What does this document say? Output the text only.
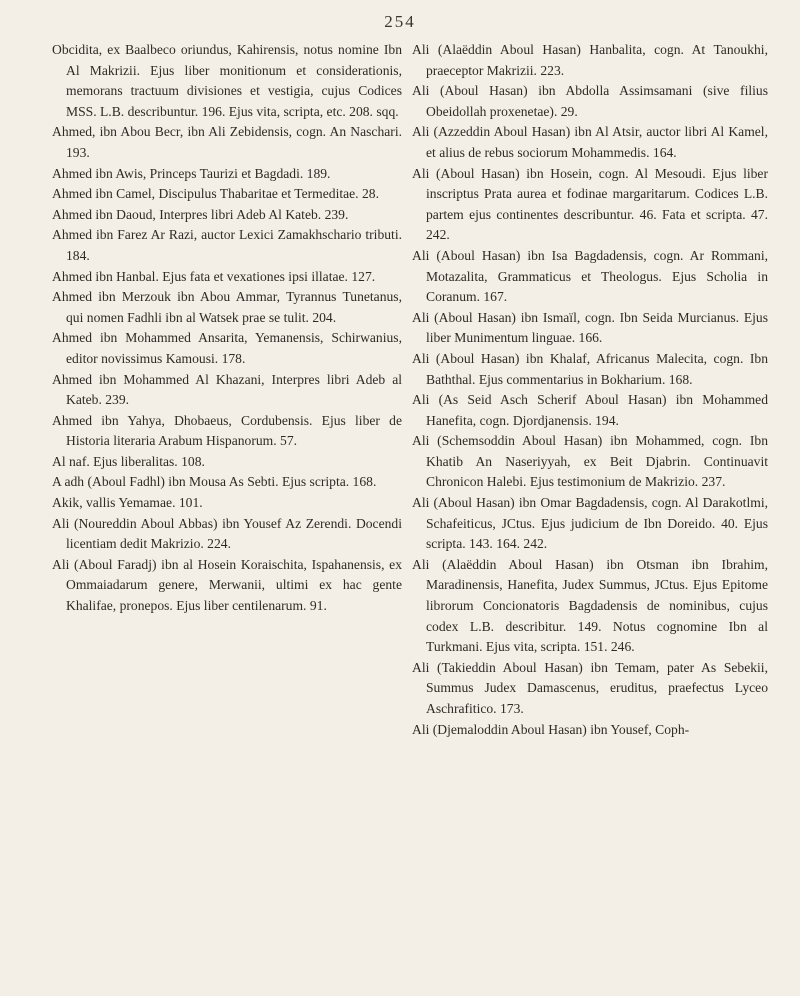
254

Obcidita, ex Baalbeco oriundus, Kahirensis, notus nomine Ibn Al Makrizii. Ejus liber monitionum et considerationis, memorans tractuum divisiones et vestigia, cujus Codices MSS. L.B. describuntur. 196. Ejus vita, scripta, etc. 208. sqq.

Ahmed, ibn Abou Becr, ibn Ali Zebidensis, cogn. An Naschari. 193.

Ahmed ibn Awis, Princeps Taurizi et Bagdadi. 189.

Ahmed ibn Camel, Discipulus Thabaritae et Termeditae. 28.

Ahmed ibn Daoud, Interpres libri Adeb Al Kateb. 239.

Ahmed ibn Farez Ar Razi, auctor Lexici Zamakhschario tributi. 184.

Ahmed ibn Hanbal. Ejus fata et vexationes ipsi illatae. 127.

Ahmed ibn Merzouk ibn Abou Ammar, Tyrannus Tunetanus, qui nomen Fadhli ibn al Watsek prae se tulit. 204.

Ahmed ibn Mohammed Ansarita, Yemanensis, Schirwanius, editor novissimus Kamousi. 178.

Ahmed ibn Mohammed Al Khazani, Interpres libri Adeb al Kateb. 239.

Ahmed ibn Yahya, Dhobaeus, Cordubensis. Ejus liber de Historia literaria Arabum Hispanorum. 57.

Al naf. Ejus liberalitas. 108.

A adh (Aboul Fadhl) ibn Mousa As Sebti. Ejus scripta. 168.

Akik, vallis Yemamae. 101.

Ali (Noureddin Aboul Abbas) ibn Yousef Az Zerendi. Docendi licentiam dedit Makrizio. 224.

Ali (Aboul Faradj) ibn al Hosein Koraischita, Ispahanensis, ex Ommaiadarum genere, Merwanii, ultimi ex hac gente Khalifae, pronepos. Ejus liber centilenarum. 91.

Ali (Alaëddin Aboul Hasan) Hanbalita, cogn. At Tanoukhi, praeceptor Makrizii. 223.

Ali (Aboul Hasan) ibn Abdolla Assimsamani (sive filius Obeidollah proxenetae). 29.

Ali (Azzeddin Aboul Hasan) ibn Al Atsir, auctor libri Al Kamel, et alius de rebus sociorum Mohammedis. 164.

Ali (Aboul Hasan) ibn Hosein, cogn. Al Mesoudi. Ejus liber inscriptus Prata aurea et fodinae margaritarum. Codices L.B. partem ejus continentes describuntur. 46. Fata et scripta. 47. 242.

Ali (Aboul Hasan) ibn Isa Bagdadensis, cogn. Ar Rommani, Motazalita, Grammaticus et Theologus. Ejus Scholia in Coranum. 167.

Ali (Aboul Hasan) ibn Ismaïl, cogn. Ibn Seida Murcianus. Ejus liber Munimentum linguae. 166.

Ali (Aboul Hasan) ibn Khalaf, Africanus Malecita, cogn. Ibn Baththal. Ejus commentarius in Bokharium. 168.

Ali (As Seid Asch Scherif Aboul Hasan) ibn Mohammed Hanefita, cogn. Djordjanensis. 194.

Ali (Schemsoddin Aboul Hasan) ibn Mohammed, cogn. Ibn Khatib An Naseriyyah, ex Beit Djabrin. Continuavit Chronicon Halebi. Ejus testimonium de Makrizio. 237.

Ali (Aboul Hasan) ibn Omar Bagdadensis, cogn. Al Darakotlmi, Schafeiticus, JCtus. Ejus judicium de Ibn Doreido. 40. Ejus scripta. 143. 164. 242.

Ali (Alaëddin Aboul Hasan) ibn Otsman ibn Ibrahim, Maradinensis, Hanefita, Judex Summus, JCtus. Ejus Epitome librorum Concionatoris Bagdadensis de nominibus, cujus codex L.B. describitur. 149. Notus cognomine Ibn al Turkmani. Ejus vita, scripta. 151. 246.

Ali (Takieddin Aboul Hasan) ibn Temam, pater As Sebekii, Summus Judex Damascenus, eruditus, praefectus Lyceo Aschrafitico. 173.

Ali (Djemaloddin Aboul Hasan) ibn Yousef, Coph-
